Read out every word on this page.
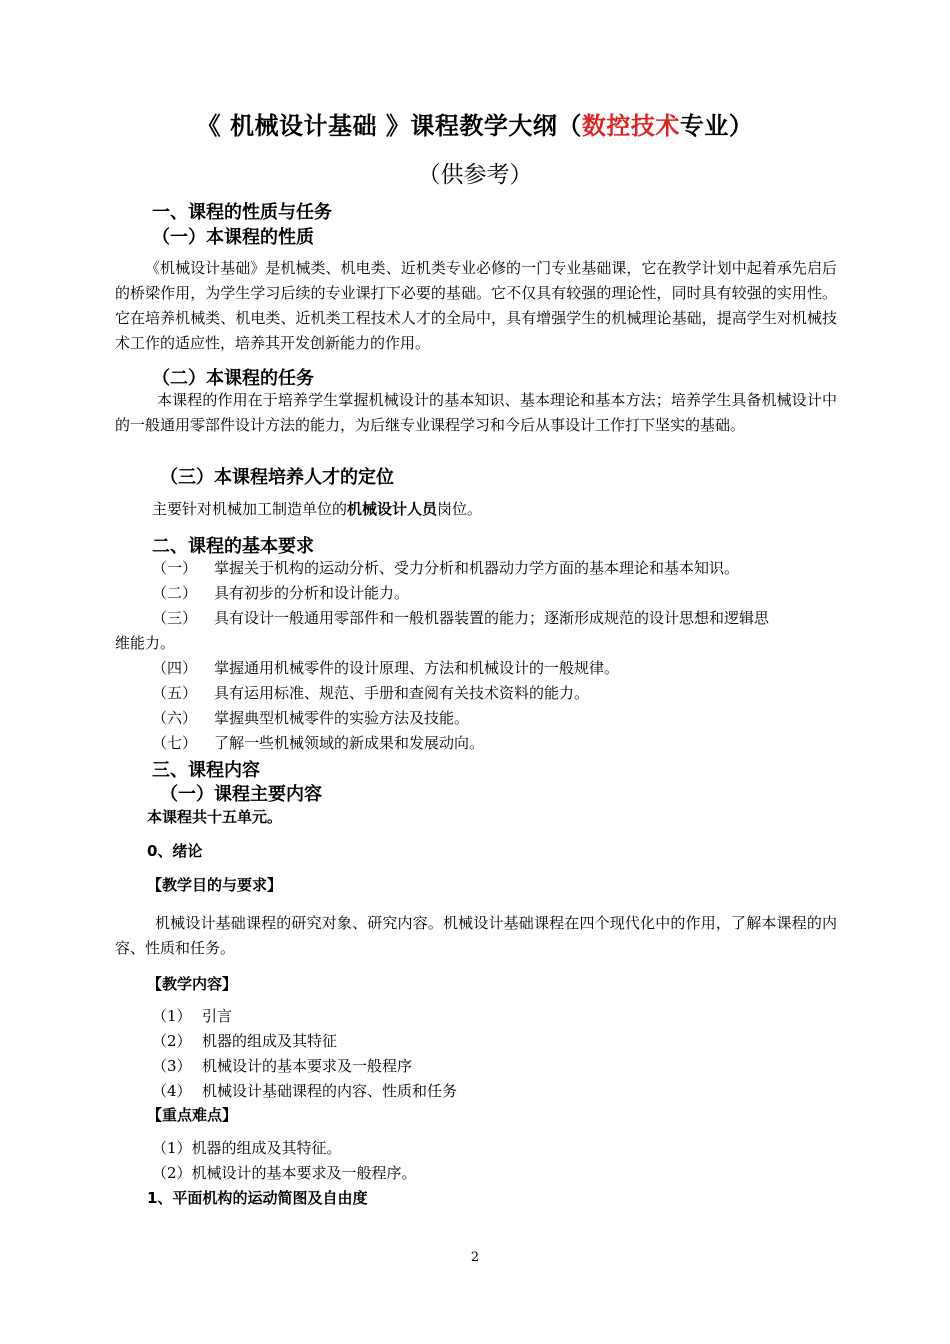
《 机械设计基础 》课程教学大纲（数控技术专业）
（供参考）
一、课程的性质与任务
（一）本课程的性质
《机械设计基础》是机械类、机电类、近机类专业必修的一门专业基础课，它在教学计划中起着承先启后的桥梁作用，为学生学习后续的专业课打下必要的基础。它不仅具有较强的理论性，同时具有较强的实用性。它在培养机械类、机电类、近机类工程技术人才的全局中，具有增强学生的机械理论基础，提高学生对机械技术工作的适应性，培养其开发创新能力的作用。
（二）本课程的任务
本课程的作用在于培养学生掌握机械设计的基本知识、基本理论和基本方法；培养学生具备机械设计中的一般通用零部件设计方法的能力，为后继专业课程学习和今后从事设计工作打下坚实的基础。
（三）本课程培养人才的定位
主要针对机械加工制造单位的机械设计人员岗位。
二、课程的基本要求
（一） 掌握关于机构的运动分析、受力分析和机器动力学方面的基本理论和基本知识。
（二） 具有初步的分析和设计能力。
（三） 具有设计一般通用零部件和一般机器装置的能力；逐渐形成规范的设计思想和逻辑思
维能力。
（四） 掌握通用机械零件的设计原理、方法和机械设计的一般规律。
（五） 具有运用标准、规范、手册和查阅有关技术资料的能力。
（六） 掌握典型机械零件的实验方法及技能。
（七） 了解一些机械领域的新成果和发展动向。
三、课程内容
（一）课程主要内容
本课程共十五单元。
0、绪论
【教学目的与要求】
机械设计基础课程的研究对象、研究内容。机械设计基础课程在四个现代化中的作用，了解本课程的内容、性质和任务。
【教学内容】
（1） 引言
（2） 机器的组成及其特征
（3） 机械设计的基本要求及一般程序
（4） 机械设计基础课程的内容、性质和任务
【重点难点】
（1）机器的组成及其特征。
（2）机械设计的基本要求及一般程序。
1、平面机构的运动简图及自由度
2
